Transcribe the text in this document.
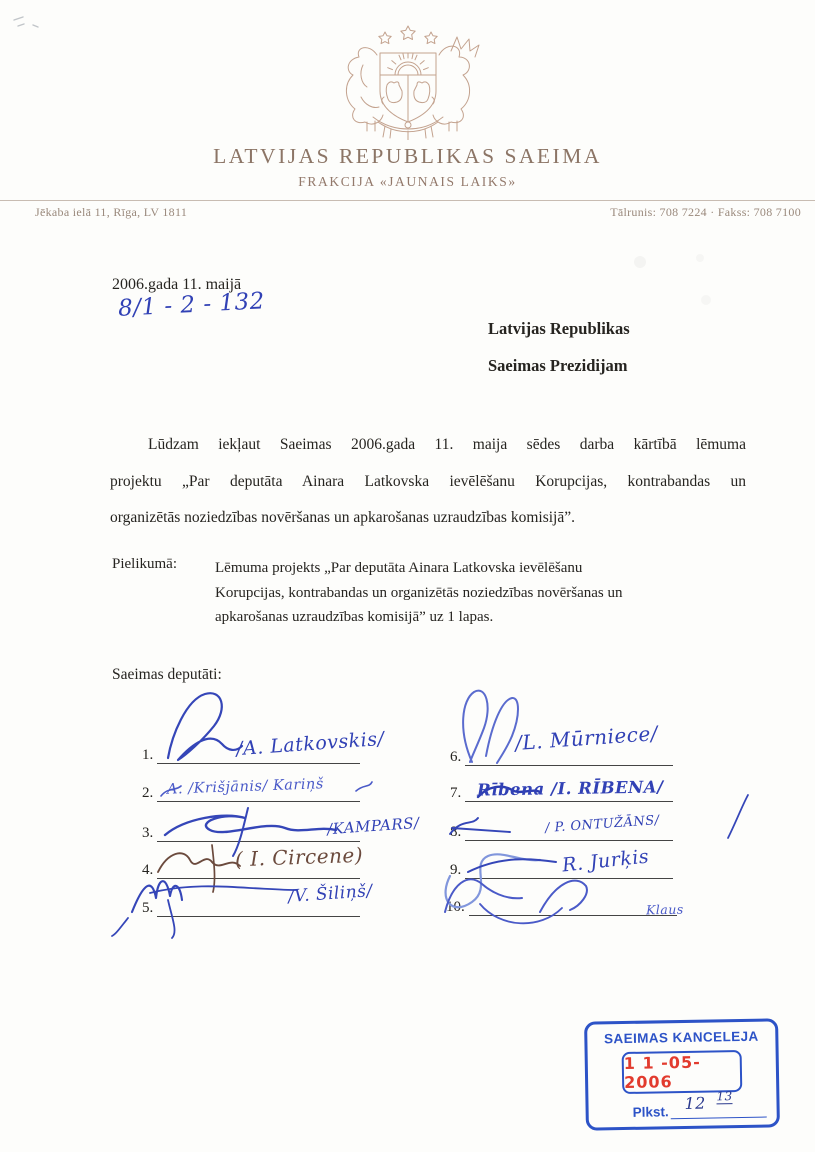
LATVIJAS REPUBLIKAS SAEIMA
FRAKCIJA «JAUNAIS LAIKS»
Jēkaba ielā 11, Rīga, LV 1811	Tālrunis: 708 7224 · Fakss: 708 7100
2006.gada 11. maijā
8/1 - 2 - 132
Latvijas Republikas
Saeimas Prezidijam
Lūdzam iekļaut Saeimas 2006.gada 11. maija sēdes darba kārtībā lēmuma
projektu „Par deputāta Ainara Latkovska ievēlēšanu Korupcijas, kontrabandas un
organizētās noziedzības novēršanas un apkarošanas uzraudzības komisijā”.
Pielikumā:	Lēmuma projekts „Par deputāta Ainara Latkovska ievēlēšanu
Korupcijas, kontrabandas un organizētās noziedzības novēršanas un
apkarošanas uzraudzības komisijā” uz 1 lapas.
Saeimas deputāti:
1.
2.
3.
4.
5.
6.
7.
8.
9.
10.
/A. Latkovskis/
A. /Krišjānis/ Kariņš
/KAMPARS/
( I. Circene)
/V. Šiliņš/
/L. Mūrniece/
Rībena /I. RĪBENA/
/ P. ONTUŽĀNS/
R. Jurķis
Klaus
SAEIMAS KANCELEJA
1 1 -05- 2006
Plkst. 12 13
